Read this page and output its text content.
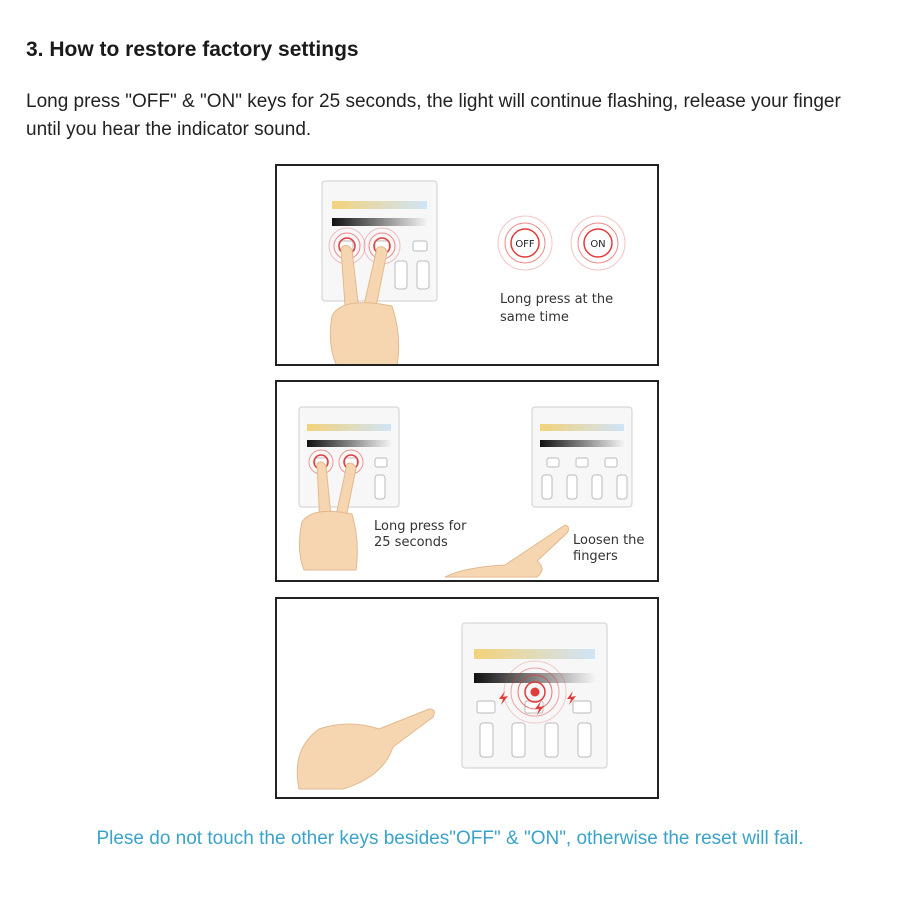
3. How to restore factory settings

Long press "OFF" & "ON" keys for 25 seconds, the light will continue flashing, release your finger until you hear the indicator sound.

OFF	ON
Long press at the
same time
Long press for
25 seconds	Loosen the
fingers

Plese do not touch the other keys besides"OFF" & "ON", otherwise the reset will fail.
